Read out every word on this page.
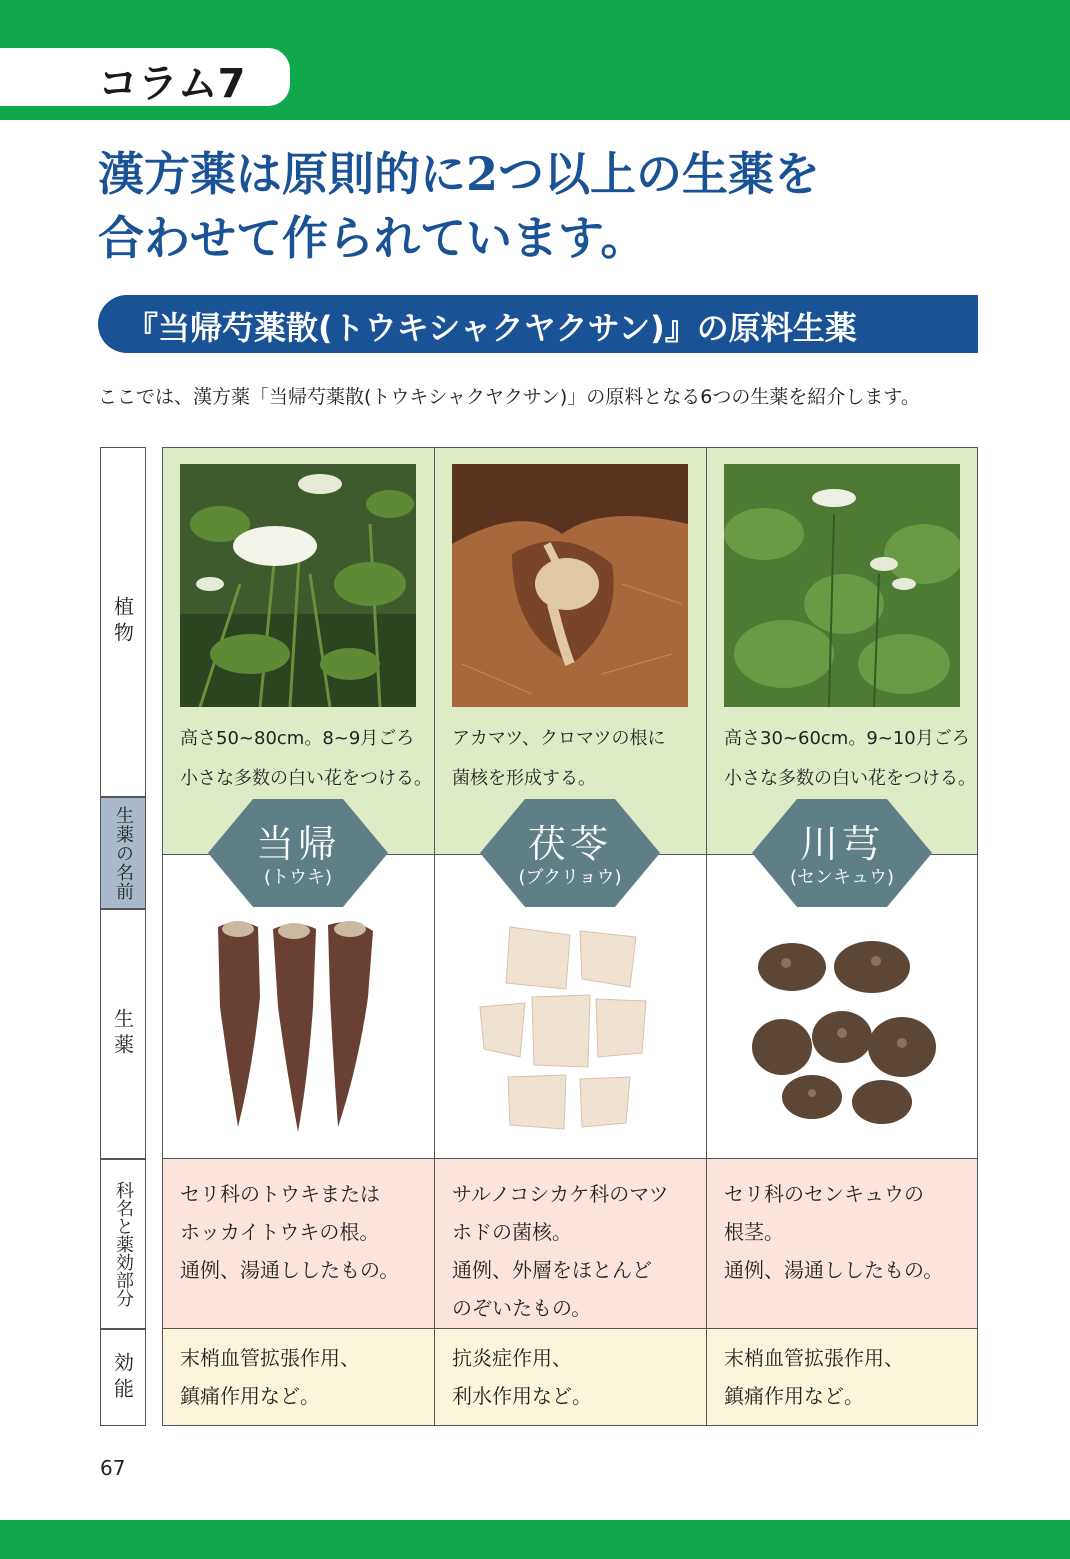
コラム7
漢方薬は原則的に2つ以上の生薬を
合わせて作られています。
『当帰芍薬散(トウキシャクヤクサン)』の原料生薬
ここでは、漢方薬「当帰芍薬散(トウキシャクヤクサン)」の原料となる6つの生薬を紹介します。
植物
生薬の名前
生薬
科名と薬効部分
効能
高さ50~80cm。8~9月ごろ
小さな多数の白い花をつける。
当帰
(トウキ)
セリ科のトウキまたは
ホッカイトウキの根。
通例、湯通ししたもの。
末梢血管拡張作用、
鎮痛作用など。
アカマツ、クロマツの根に
菌核を形成する。
茯苓
(ブクリョウ)
サルノコシカケ科のマツ
ホドの菌核。
通例、外層をほとんど
のぞいたもの。
抗炎症作用、
利水作用など。
高さ30~60cm。9~10月ごろ
小さな多数の白い花をつける。
川芎
(センキュウ)
セリ科のセンキュウの
根茎。
通例、湯通ししたもの。
末梢血管拡張作用、
鎮痛作用など。
67
